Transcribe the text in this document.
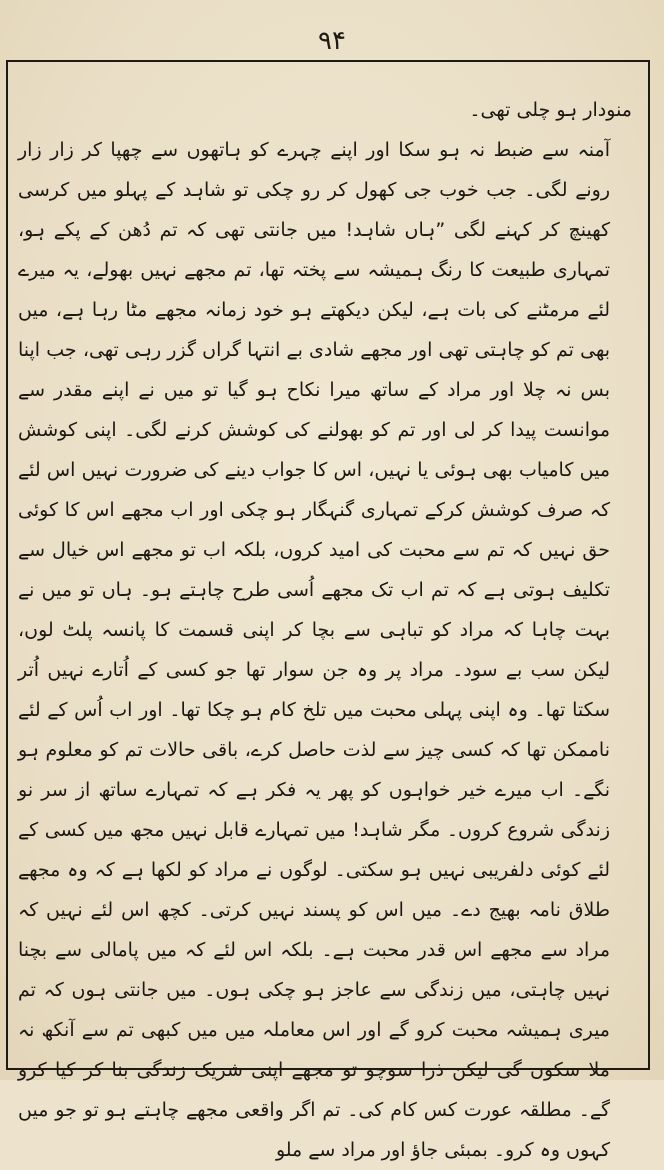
۹۴

منودار ہو چلی تھی۔

آمنہ سے ضبط نہ ہو سکا اور اپنے چہرے کو ہاتھوں سے چھپا کر زار زار رونے لگی۔ جب خوب جی کھول کر رو چکی تو شاہد کے پہلو میں کرسی کھینچ کر کہنے لگی ”ہاں شاہد! میں جانتی تھی کہ تم دُھن کے پکے ہو، تمہاری طبیعت کا رنگ ہمیشہ سے پختہ تھا، تم مجھے نہیں بھولے، یہ میرے لئے مرمٹنے کی بات ہے، لیکن دیکھتے ہو خود زمانہ مجھے مٹا رہا ہے، میں بھی تم کو چاہتی تھی اور مجھے شادی بے انتہا گراں گزر رہی تھی، جب اپنا بس نہ چلا اور مراد کے ساتھ میرا نکاح ہو گیا تو میں نے اپنے مقدر سے موانست پیدا کر لی اور تم کو بھولنے کی کوشش کرنے لگی۔ اپنی کوشش میں کامیاب بھی ہوئی یا نہیں، اس کا جواب دینے کی ضرورت نہیں اس لئے کہ صرف کوشش کرکے تمہاری گنہگار ہو چکی اور اب مجھے اس کا کوئی حق نہیں کہ تم سے محبت کی امید کروں، بلکہ اب تو مجھے اس خیال سے تکلیف ہوتی ہے کہ تم اب تک مجھے اُسی طرح چاہتے ہو۔ ہاں تو میں نے بہت چاہا کہ مراد کو تباہی سے بچا کر اپنی قسمت کا پانسہ پلٹ لوں، لیکن سب بے سود۔ مراد پر وہ جن سوار تھا جو کسی کے اُتارے نہیں اُتر سکتا تھا۔ وہ اپنی پہلی محبت میں تلخ کام ہو چکا تھا۔ اور اب اُس کے لئے ناممکن تھا کہ کسی چیز سے لذت حاصل کرے، باقی حالات تم کو معلوم ہو نگے۔ اب میرے خیر خواہوں کو پھر یہ فکر ہے کہ تمہارے ساتھ از سر نو زندگی شروع کروں۔ مگر شاہد! میں تمہارے قابل نہیں مجھ میں کسی کے لئے کوئی دلفریبی نہیں ہو سکتی۔ لوگوں نے مراد کو لکھا ہے کہ وہ مجھے طلاق نامہ بھیج دے۔ میں اس کو پسند نہیں کرتی۔ کچھ اس لئے نہیں کہ مراد سے مجھے اس قدر محبت ہے۔ بلکہ اس لئے کہ میں پامالی سے بچنا نہیں چاہتی، میں زندگی سے عاجز ہو چکی ہوں۔ میں جانتی ہوں کہ تم میری ہمیشہ محبت کرو گے اور اس معاملہ میں میں کبھی تم سے آنکھ نہ ملا سکوں گی لیکن ذرا سوچو تو مجھے اپنی شریک زندگی بنا کر کیا کرو گے۔ مطلقہ عورت کس کام کی۔ تم اگر واقعی مجھے چاہتے ہو تو جو میں کہوں وہ کرو۔ بمبئی جاؤ اور مراد سے ملو
